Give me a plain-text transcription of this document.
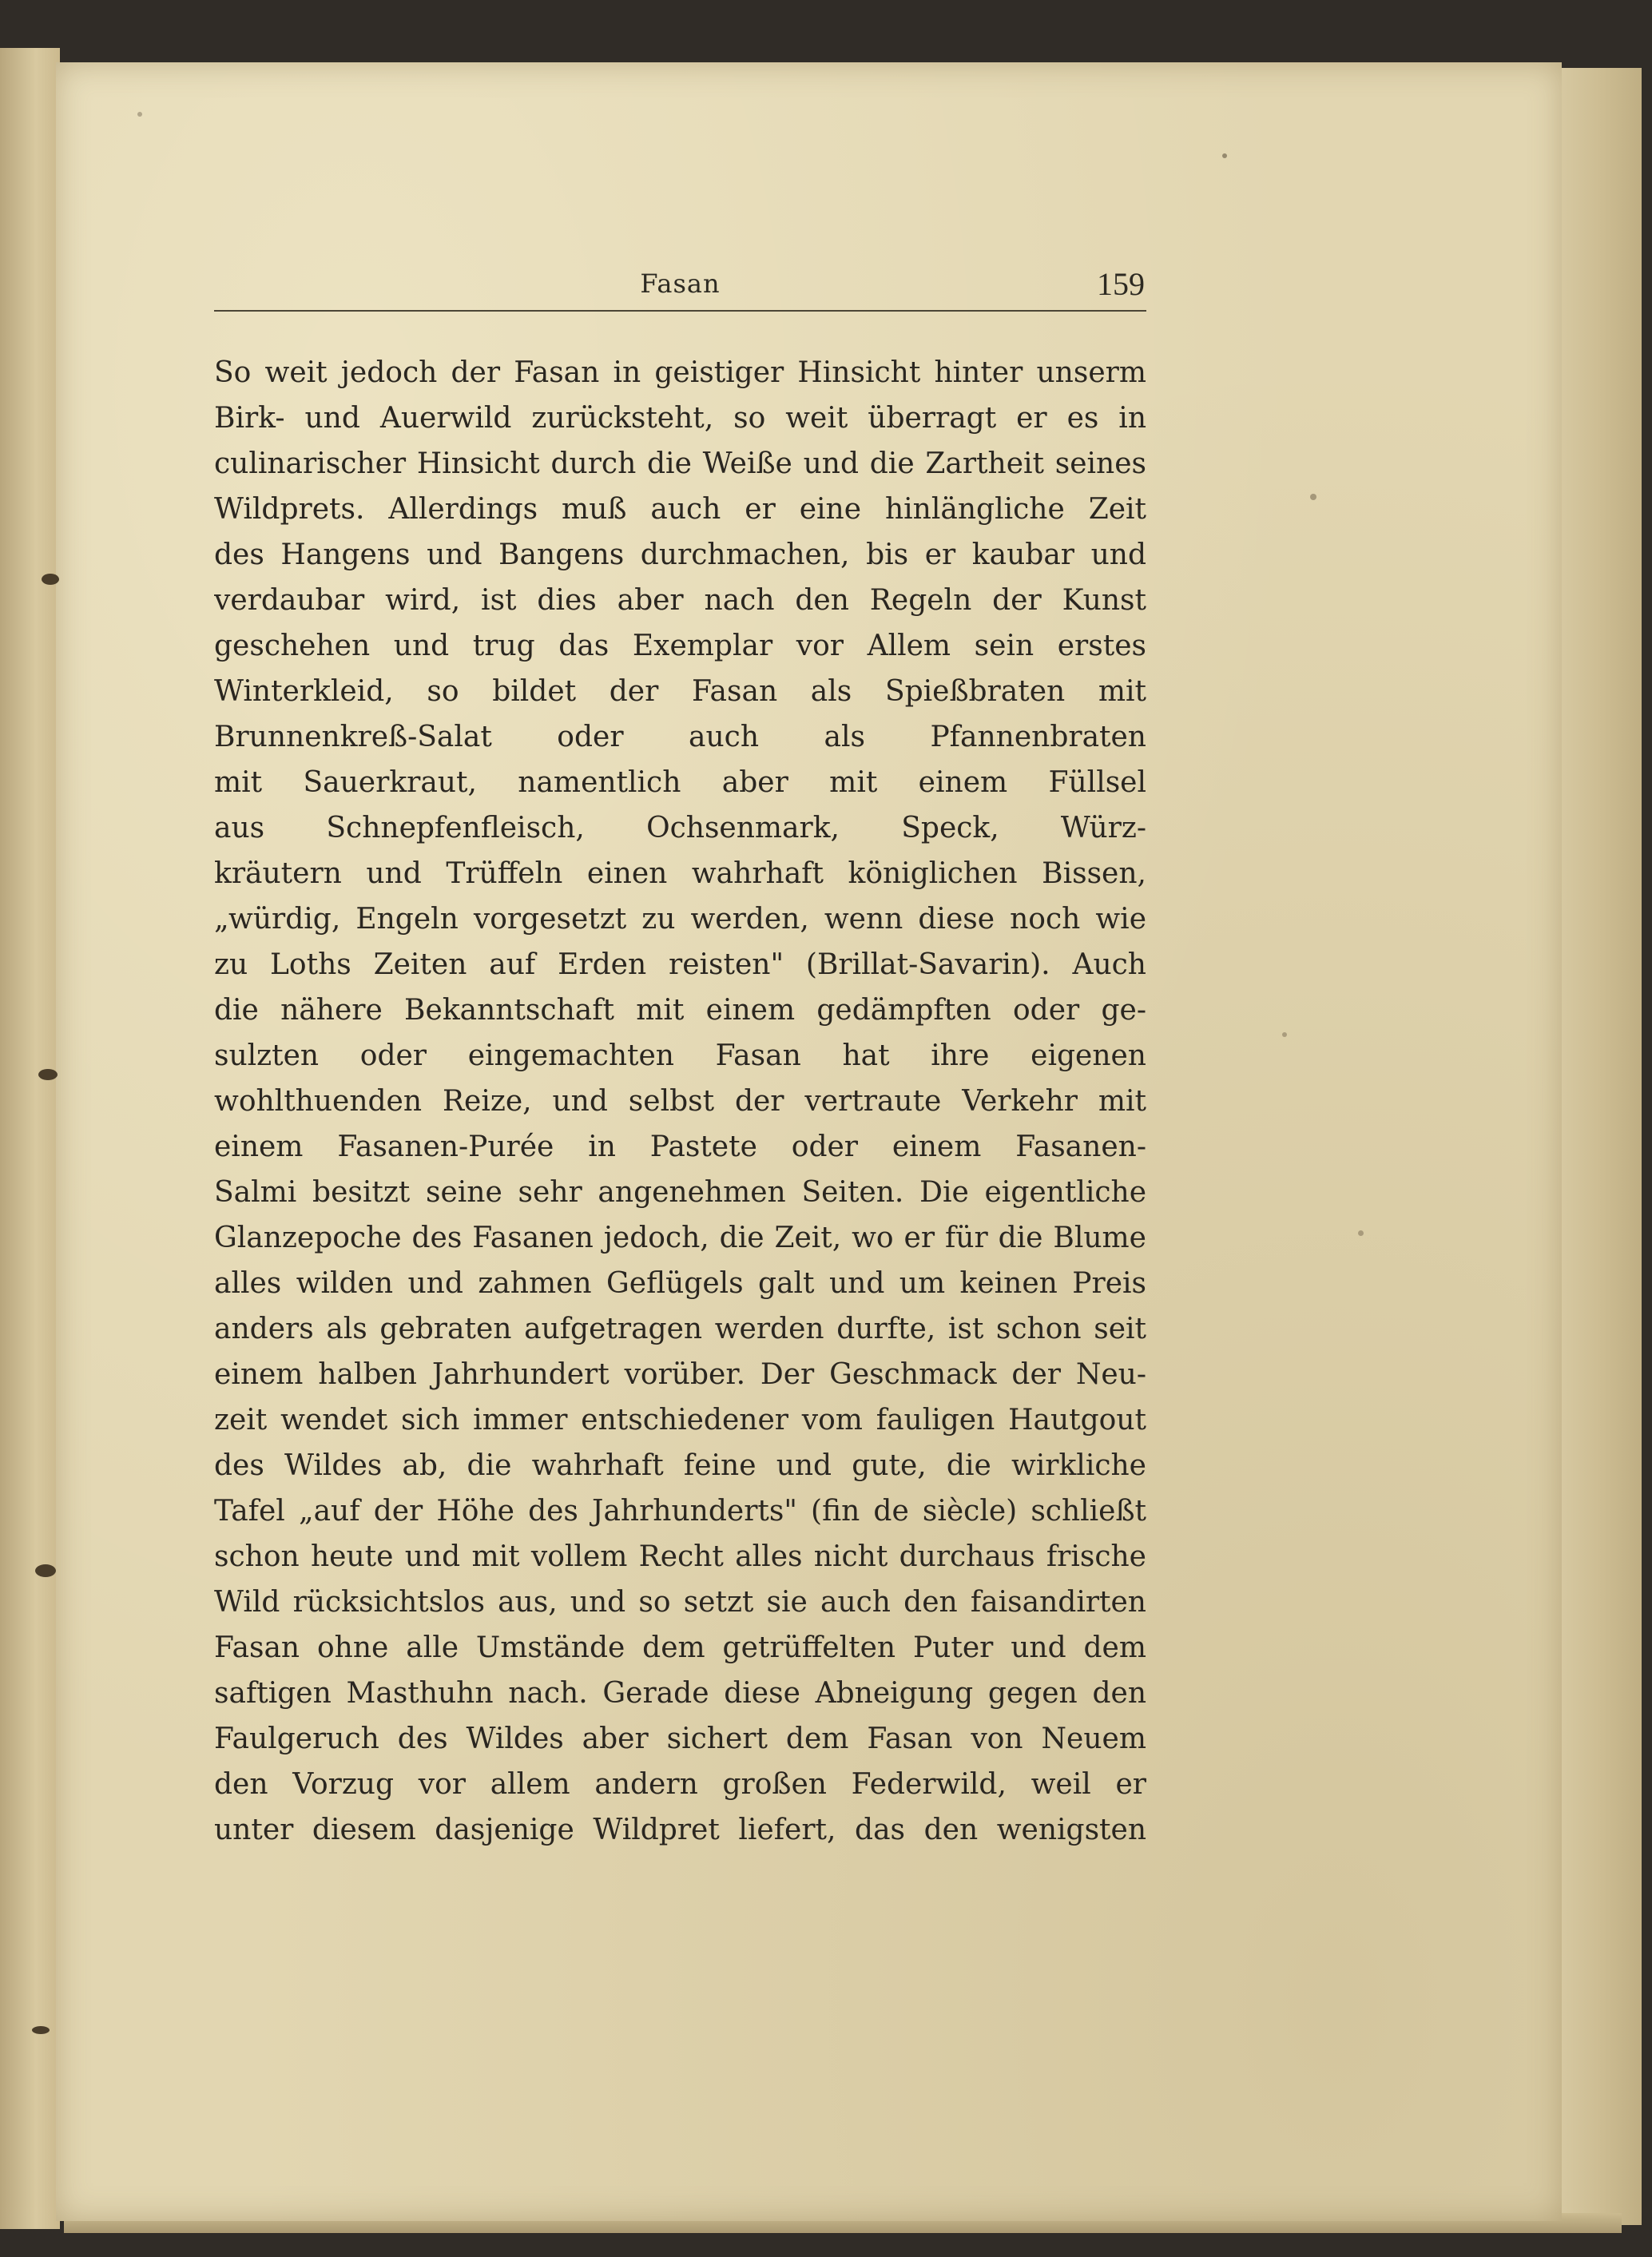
Fasan	159
So weit jedoch der Fasan in geistiger Hinsicht hinter unserm
Birk- und Auerwild zurücksteht, so weit überragt er es in
culinarischer Hinsicht durch die Weiße und die Zartheit seines
Wildprets. Allerdings muß auch er eine hinlängliche Zeit
des Hangens und Bangens durchmachen, bis er kaubar und
verdaubar wird, ist dies aber nach den Regeln der Kunst
geschehen und trug das Exemplar vor Allem sein erstes
Winterkleid, so bildet der Fasan als Spießbraten mit
Brunnenkreß-Salat oder auch als Pfannenbraten
mit Sauerkraut, namentlich aber mit einem Füllsel
aus Schnepfenfleisch, Ochsenmark, Speck, Würz-
kräutern und Trüffeln einen wahrhaft königlichen Bissen,
„würdig, Engeln vorgesetzt zu werden, wenn diese noch wie
zu Loths Zeiten auf Erden reisten" (Brillat-Savarin). Auch
die nähere Bekanntschaft mit einem gedämpften oder ge-
sulzten oder eingemachten Fasan hat ihre eigenen
wohlthuenden Reize, und selbst der vertraute Verkehr mit
einem Fasanen-Purée in Pastete oder einem Fasanen-
Salmi besitzt seine sehr angenehmen Seiten. Die eigentliche
Glanzepoche des Fasanen jedoch, die Zeit, wo er für die Blume
alles wilden und zahmen Geflügels galt und um keinen Preis
anders als gebraten aufgetragen werden durfte, ist schon seit
einem halben Jahrhundert vorüber. Der Geschmack der Neu-
zeit wendet sich immer entschiedener vom fauligen Hautgout
des Wildes ab, die wahrhaft feine und gute, die wirkliche
Tafel „auf der Höhe des Jahrhunderts" (fin de siècle) schließt
schon heute und mit vollem Recht alles nicht durchaus frische
Wild rücksichtslos aus, und so setzt sie auch den faisandirten
Fasan ohne alle Umstände dem getrüffelten Puter und dem
saftigen Masthuhn nach. Gerade diese Abneigung gegen den
Faulgeruch des Wildes aber sichert dem Fasan von Neuem
den Vorzug vor allem andern großen Federwild, weil er
unter diesem dasjenige Wildpret liefert, das den wenigsten
